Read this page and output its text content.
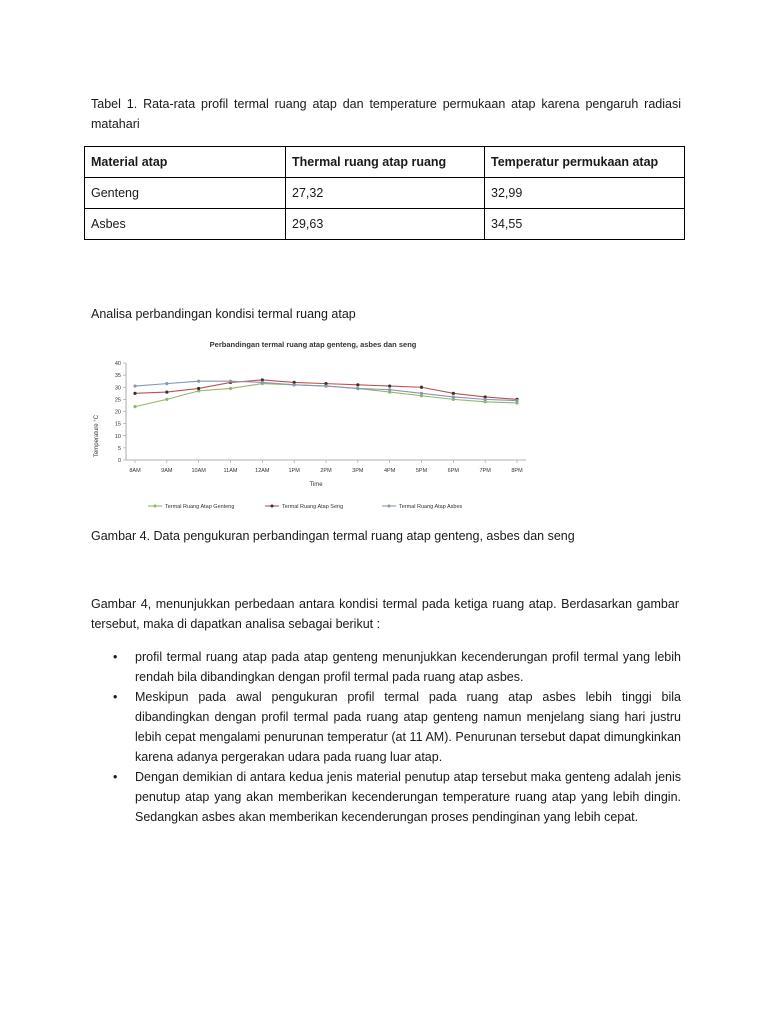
Tabel 1. Rata-rata profil termal ruang atap dan temperature permukaan atap karena pengaruh radiasi matahari
Material atap	Thermal ruang atap ruang	Temperatur permukaan atap
Genteng	27,32	32,99
Asbes	29,63	34,55
Analisa perbandingan kondisi termal ruang atap
Perbandingan termal ruang atap genteng, asbes dan seng
0
5
10
15
20
25
30
35
40
8AM	9AM	10AM	11AM	12AM	1PM	2PM	3PM	4PM	5PM	6PM	7PM	8PM
Time
Temperature °C
Termal Ruang Atap Genteng	Termal Ruang Atap Seng	Termal Ruang Atap Asbes
Gambar 4. Data pengukuran perbandingan termal ruang atap genteng, asbes dan seng
Gambar 4, menunjukkan perbedaan antara kondisi termal pada ketiga ruang atap. Berdasarkan gambar tersebut, maka di dapatkan analisa sebagai berikut :
•	profil termal ruang atap pada atap genteng menunjukkan kecenderungan profil termal yang lebih rendah bila dibandingkan dengan profil termal pada ruang atap asbes.
•	Meskipun pada awal pengukuran profil termal pada ruang atap asbes lebih tinggi bila dibandingkan dengan profil termal pada ruang atap genteng namun menjelang siang hari justru lebih cepat mengalami penurunan temperatur (at 11 AM). Penurunan tersebut dapat dimungkinkan karena adanya pergerakan udara pada ruang luar atap.
•	Dengan demikian di antara kedua jenis material penutup atap tersebut maka genteng adalah jenis penutup atap yang akan memberikan kecenderungan temperature ruang atap yang lebih dingin. Sedangkan asbes akan memberikan kecenderungan proses pendinginan yang lebih cepat.
